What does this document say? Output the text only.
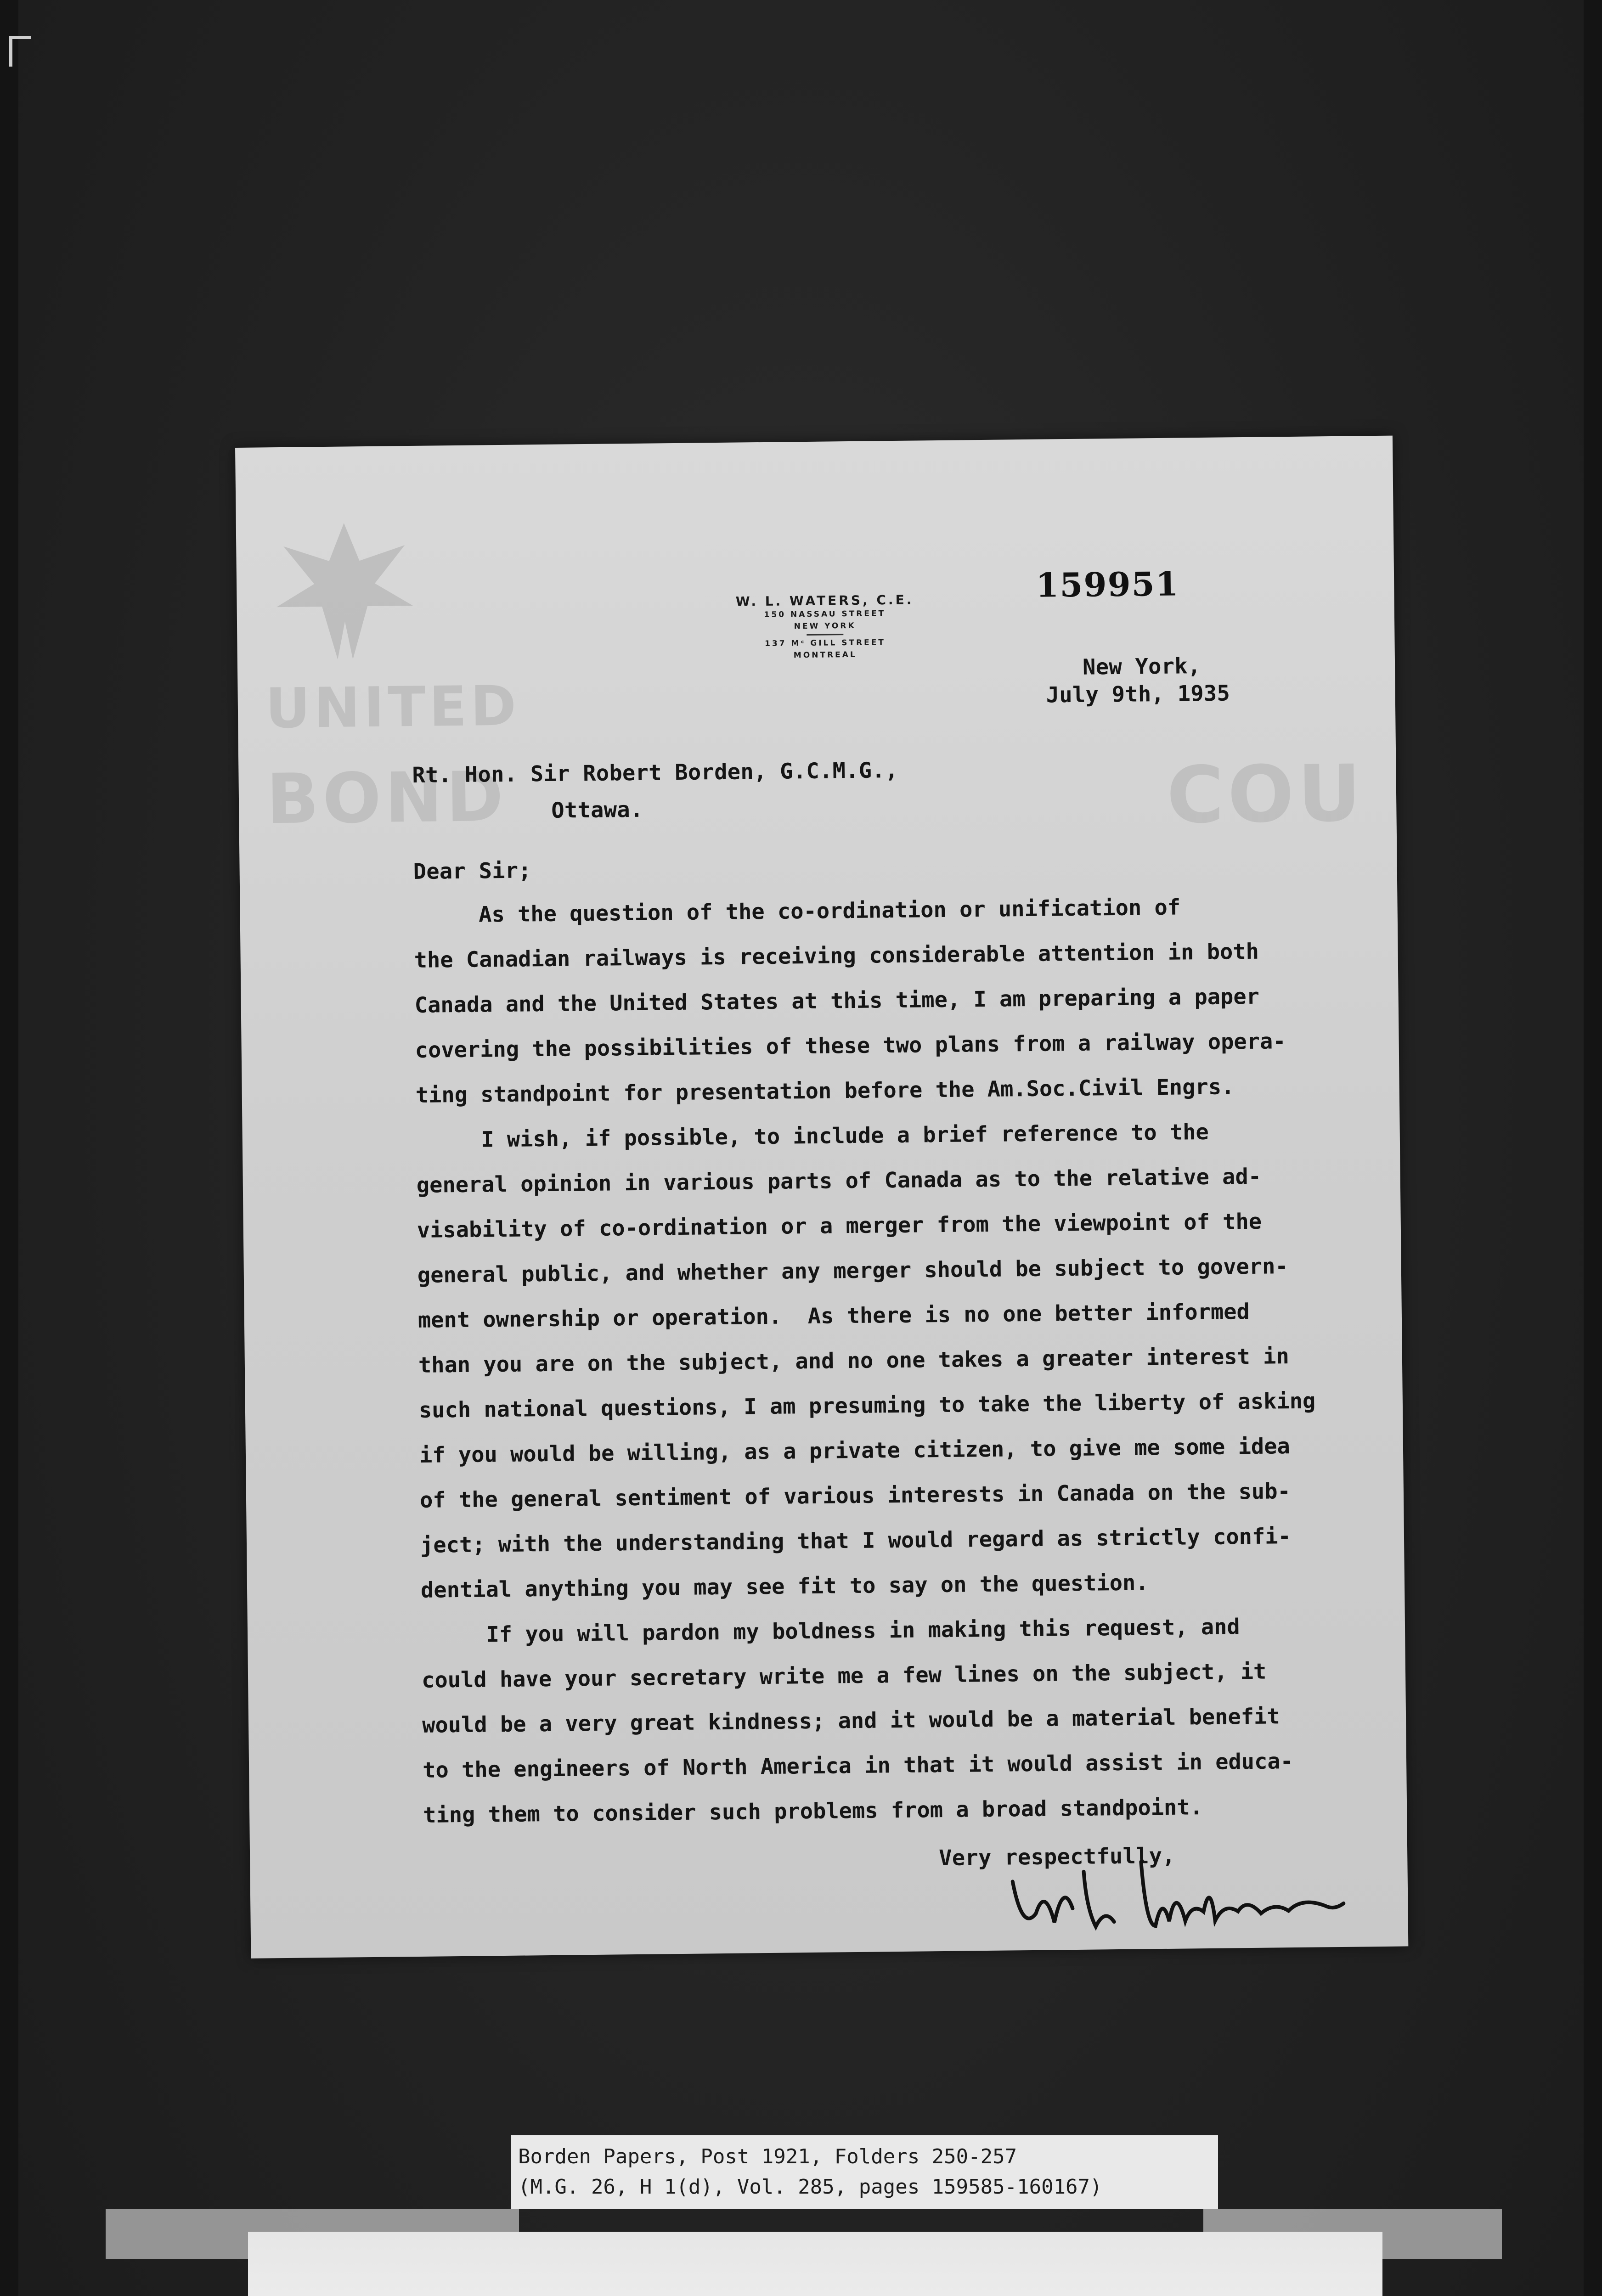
UNITED
BOND	COU
W. L. WATERS, C.E.
150 NASSAU STREET
NEW YORK
137 Mᶜ GILL STREET
MONTREAL
159951
New York,
July 9th, 1935
Rt. Hon. Sir Robert Borden, G.C.M.G.,
Ottawa.
Dear Sir;
As the question of the co-ordination or unification of
the Canadian railways is receiving considerable attention in both
Canada and the United States at this time, I am preparing a paper
covering the possibilities of these two plans from a railway opera-
ting standpoint for presentation before the Am.Soc.Civil Engrs.
I wish, if possible, to include a brief reference to the
general opinion in various parts of Canada as to the relative ad-
visability of co-ordination or a merger from the viewpoint of the
general public, and whether any merger should be subject to govern-
ment ownership or operation.  As there is no one better informed
than you are on the subject, and no one takes a greater interest in
such national questions, I am presuming to take the liberty of asking
if you would be willing, as a private citizen, to give me some idea
of the general sentiment of various interests in Canada on the sub-
ject; with the understanding that I would regard as strictly confi-
dential anything you may see fit to say on the question.
If you will pardon my boldness in making this request, and
could have your secretary write me a few lines on the subject, it
would be a very great kindness; and it would be a material benefit
to the engineers of North America in that it would assist in educa-
ting them to consider such problems from a broad standpoint.
Very respectfully,
Borden Papers, Post 1921, Folders 250-257
(M.G. 26, H 1(d), Vol. 285, pages 159585-160167)
